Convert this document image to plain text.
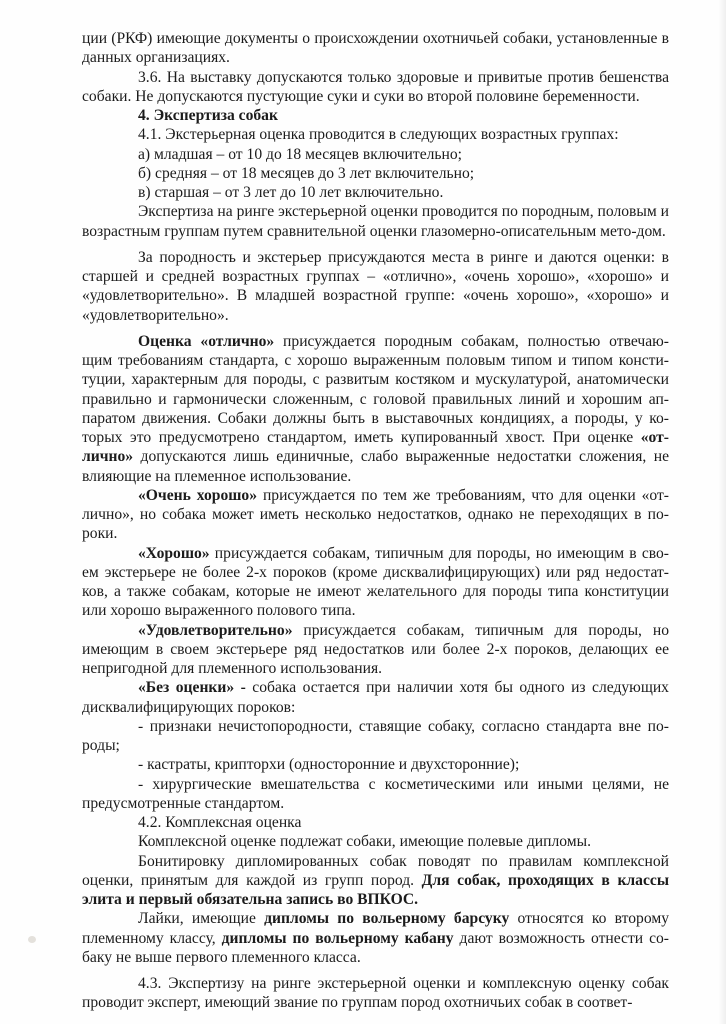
ции (РКФ) имеющие документы о происхождении охотничьей собаки, установленные в данных организациях.

3.6. На выставку допускаются только здоровые и привитые против бешенства собаки. Не допускаются пустующие суки и суки во второй половине беременности.

4. Экспертиза собак

4.1. Экстерьерная оценка проводится в следующих возрастных группах:

а) младшая – от 10 до 18 месяцев включительно;

б) средняя – от 18 месяцев до 3 лет включительно;

в) старшая – от 3 лет до 10 лет включительно.

Экспертиза на ринге экстерьерной оценки проводится по породным, половым и возрастным группам путем сравнительной оценки глазомерно-описательным мето-дом.

За породность и экстерьер присуждаются места в ринге и даются оценки: в старшей и средней возрастных группах – «отлично», «очень хорошо», «хорошо» и «удовлетворительно». В младшей возрастной группе: «очень хорошо», «хорошо» и «удовлетворительно».

Оценка «отлично» присуждается породным собакам, полностью отвечаю-щим требованиям стандарта, с хорошо выраженным половым типом и типом консти-туции, характерным для породы, с развитым костяком и мускулатурой, анатомически правильно и гармонически сложенным, с головой правильных линий и хорошим ап-паратом движения. Собаки должны быть в выставочных кондициях, а породы, у ко-торых это предусмотрено стандартом, иметь купированный хвост. При оценке «от-лично» допускаются лишь единичные, слабо выраженные недостатки сложения, не влияющие на племенное использование.

«Очень хорошо» присуждается по тем же требованиям, что для оценки «от-лично», но собака может иметь несколько недостатков, однако не переходящих в по-роки.

«Хорошо» присуждается собакам, типичным для породы, но имеющим в сво-ем экстерьере не более 2-х пороков (кроме дисквалифицирующих) или ряд недостат-ков, а также собакам, которые не имеют желательного для породы типа конституции или хорошо выраженного полового типа.

«Удовлетворительно» присуждается собакам, типичным для породы, но имеющим в своем экстерьере ряд недостатков или более 2-х пороков, делающих ее непригодной для племенного использования.

«Без оценки» - собака остается при наличии хотя бы одного из следующих дисквалифицирующих пороков:

- признаки нечистопородности, ставящие собаку, согласно стандарта вне по-роды;

- кастраты, крипторхи (односторонние и двухсторонние);

- хирургические вмешательства с косметическими или иными целями, не предусмотренные стандартом.

4.2. Комплексная оценка

Комплексной оценке подлежат собаки, имеющие полевые дипломы.

Бонитировку дипломированных собак поводят по правилам комплексной оценки, принятым для каждой из групп пород. Для собак, проходящих в классы элита и первый обязательна запись во ВПКОС.

Лайки, имеющие дипломы по вольерному барсуку относятся ко второму племенному классу, дипломы по вольерному кабану дают возможность отнести со-баку не выше первого племенного класса.

4.3. Экспертизу на ринге экстерьерной оценки и комплексную оценку собак проводит эксперт, имеющий звание по группам пород охотничьих собак в соответ-
